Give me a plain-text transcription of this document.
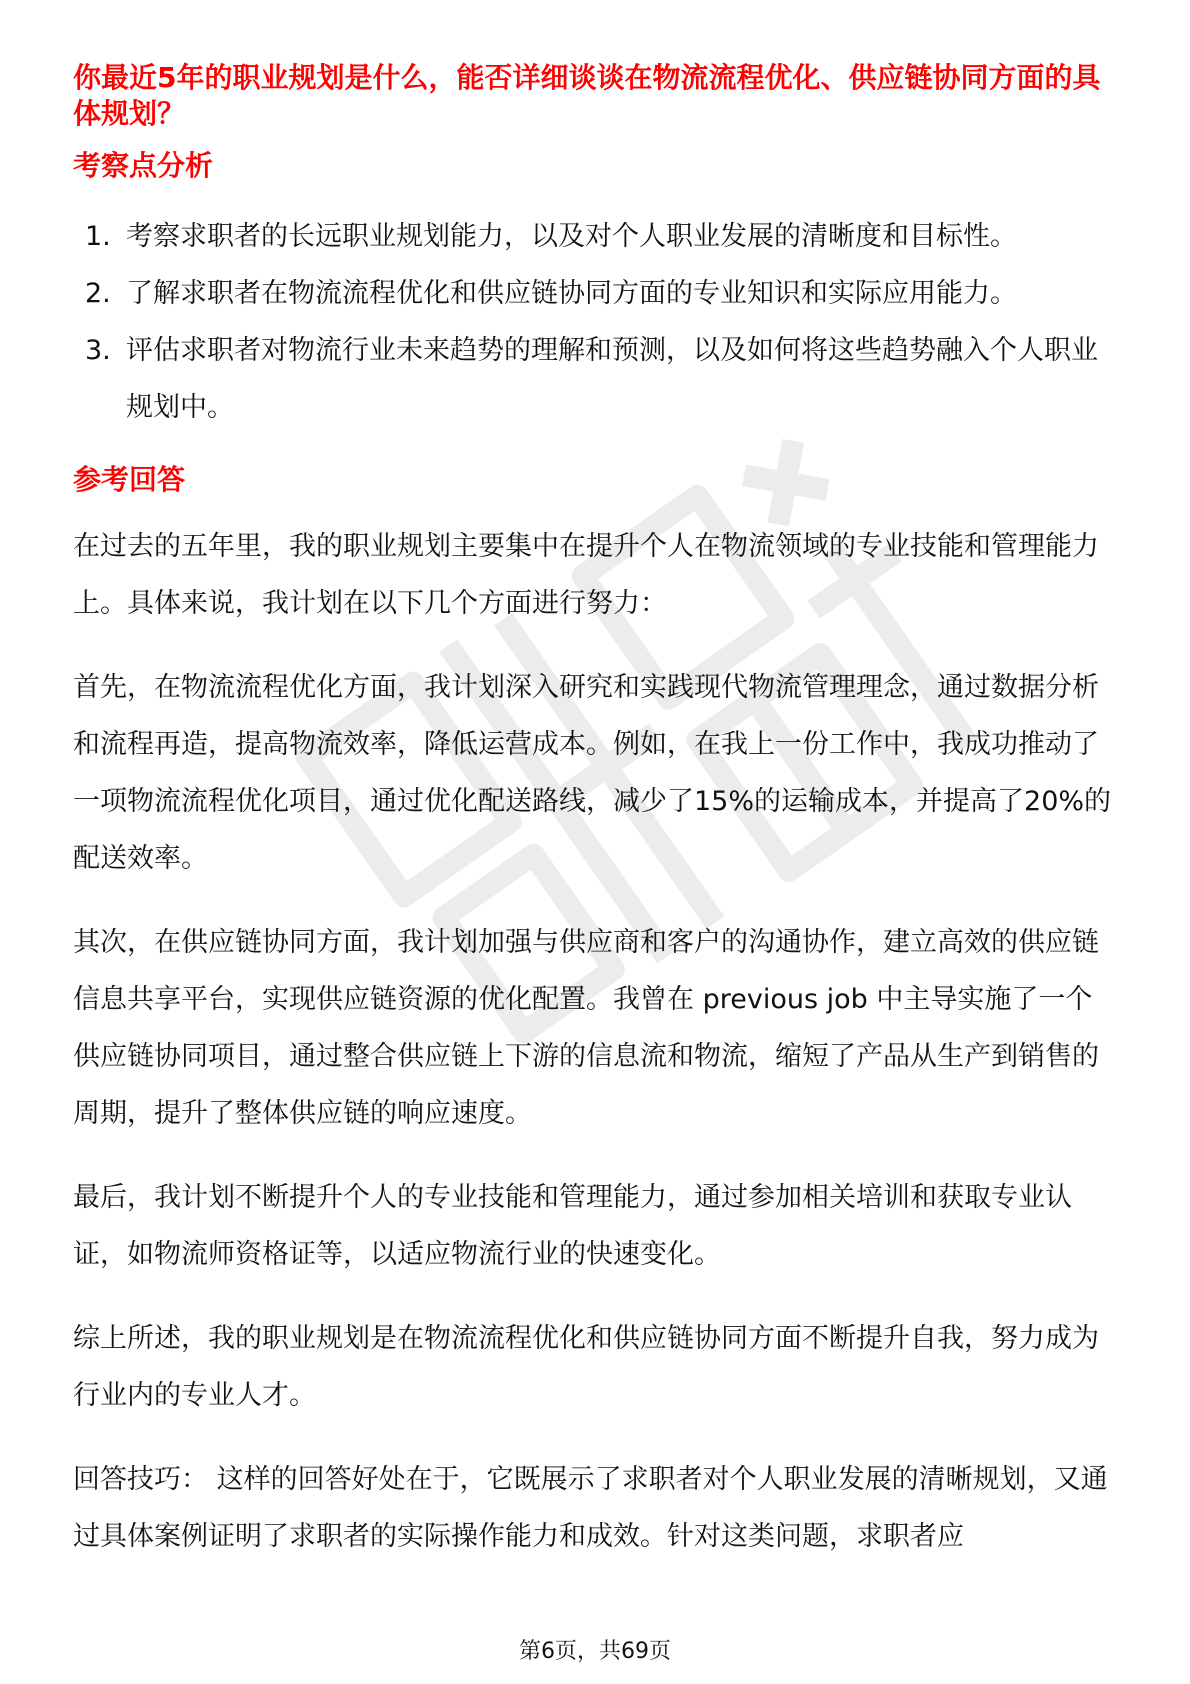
你最近5年的职业规划是什么，能否详细谈谈在物流流程优化、供应链协同方面的具体规划？
考察点分析
1. 考察求职者的长远职业规划能力，以及对个人职业发展的清晰度和目标性。
2. 了解求职者在物流流程优化和供应链协同方面的专业知识和实际应用能力。
3. 评估求职者对物流行业未来趋势的理解和预测，以及如何将这些趋势融入个人职业规划中。
参考回答

在过去的五年里，我的职业规划主要集中在提升个人在物流领域的专业技能和管理能力上。具体来说，我计划在以下几个方面进行努力：

首先，在物流流程优化方面，我计划深入研究和实践现代物流管理理念，通过数据分析和流程再造，提高物流效率，降低运营成本。例如，在我上一份工作中，我成功推动了一项物流流程优化项目，通过优化配送路线，减少了15%的运输成本，并提高了20%的配送效率。

其次，在供应链协同方面，我计划加强与供应商和客户的沟通协作，建立高效的供应链信息共享平台，实现供应链资源的优化配置。我曾在 previous job 中主导实施了一个供应链协同项目，通过整合供应链上下游的信息流和物流，缩短了产品从生产到销售的周期，提升了整体供应链的响应速度。

最后，我计划不断提升个人的专业技能和管理能力，通过参加相关培训和获取专业认证，如物流师资格证等，以适应物流行业的快速变化。

综上所述，我的职业规划是在物流流程优化和供应链协同方面不断提升自我，努力成为行业内的专业人才。

回答技巧： 这样的回答好处在于，它既展示了求职者对个人职业发展的清晰规划，又通过具体案例证明了求职者的实际操作能力和成效。针对这类问题，求职者应

第6页，共69页
